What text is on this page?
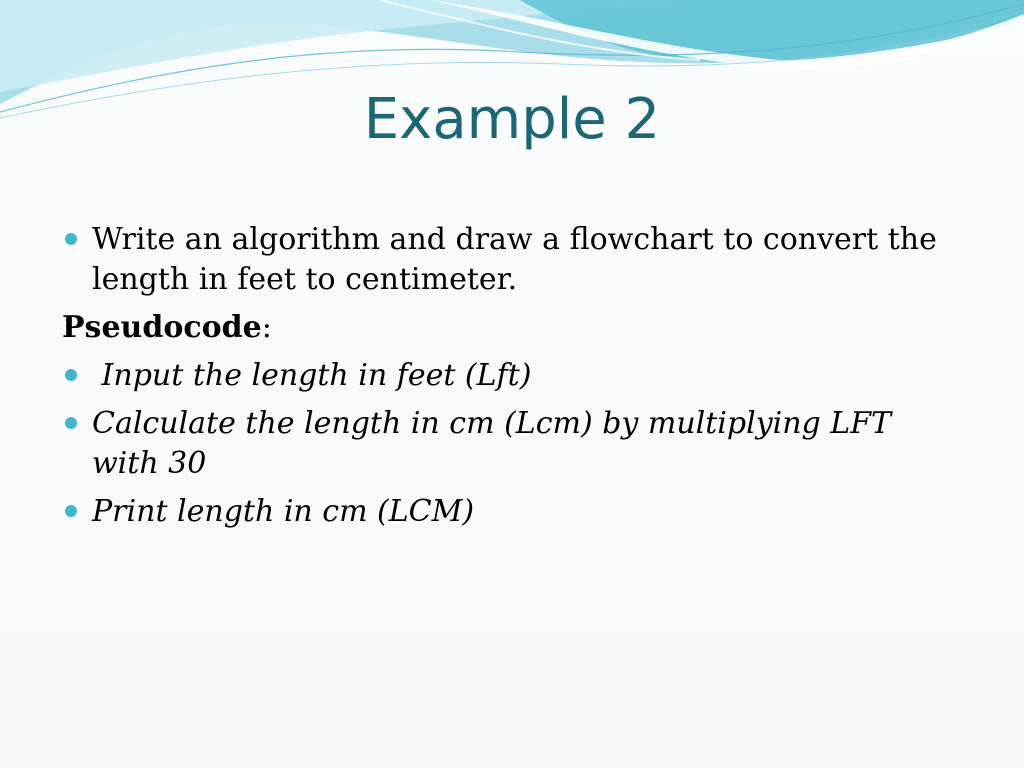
Example 2
Write an algorithm and draw a flowchart to convert the length in feet to centimeter.
Pseudocode:
Input the length in feet (Lft)
Calculate the length in cm (Lcm) by multiplying LFT with 30
Print length in cm (LCM)
